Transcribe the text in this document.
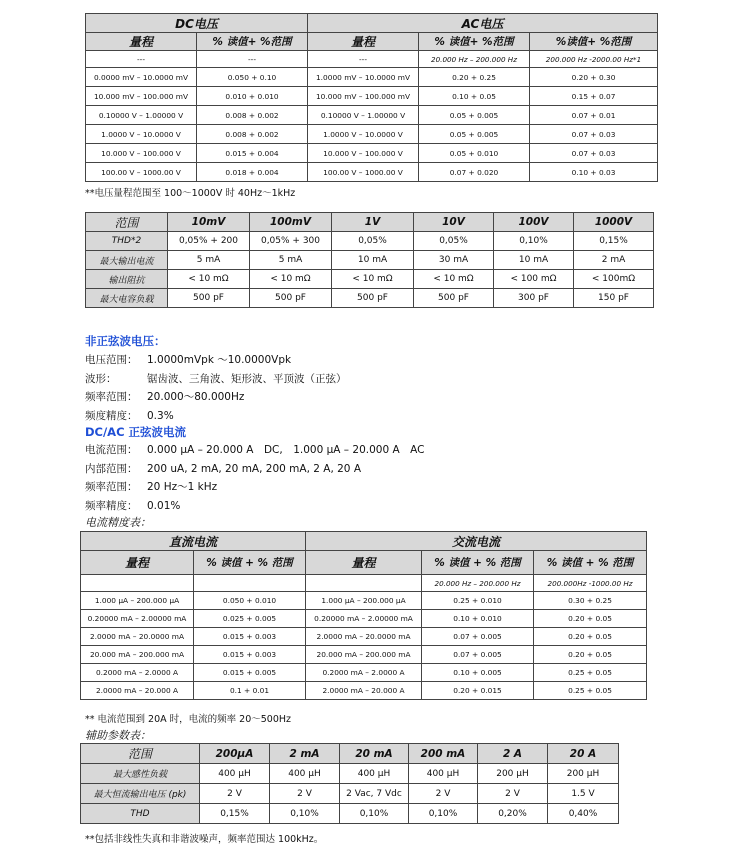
DC电压		AC电压		
量程	% 读值+ %范围	量程	% 读值+ %范围	%读值+ %范围
---	---	---	20.000 Hz – 200.000 Hz	200.000 Hz -2000.00 Hz*1
0.0000 mV – 10.0000 mV	0.050 + 0.10	1.0000 mV – 10.0000 mV	0.20 + 0.25	0.20 + 0.30
10.000 mV – 100.000 mV	0.010 + 0.010	10.000 mV – 100.000 mV	0.10 + 0.05	0.15 + 0.07
0.10000 V – 1.00000 V	0.008 + 0.002	0.10000 V – 1.00000 V	0.05 + 0.005	0.07 + 0.01
1.0000 V – 10.0000 V	0.008 + 0.002	1.0000 V – 10.0000 V	0.05 + 0.005	0.07 + 0.03
10.000 V – 100.000 V	0.015 + 0.004	10.000 V – 100.000 V	0.05 + 0.010	0.07 + 0.03
100.00 V – 1000.00 V	0.018 + 0.004	100.00 V – 1000.00 V	0.07 + 0.020	0.10 + 0.03
**电压量程范围至 100～1000V 时 40Hz～1kHz
范围	10mV	100mV	1V	10V	100V	1000V
THD*2	0,05% + 200	0,05% + 300	0,05%	0,05%	0,10%	0,15%
最大输出电流	5 mA	5 mA	10 mA	30 mA	10 mA	2 mA
输出阻抗	< 10 mΩ	< 10 mΩ	< 10 mΩ	< 10 mΩ	< 100 mΩ	< 100mΩ
最大电容负载	500 pF	500 pF	500 pF	500 pF	300 pF	150 pF
非正弦波电压：
电压范围： 1.0000mVpk ～10.0000Vpk
波形：	锯齿波、三角波、矩形波、平顶波（正弦）
频率范围： 20.000～80.000Hz
频度精度： 0.3%
DC/AC 正弦波电流
电流范围： 0.000 µA – 20.000 A　DC,　1.000 µA – 20.000 A　AC
内部范围： 200 uA, 2 mA, 20 mA, 200 mA, 2 A, 20 A
频率范围： 20 Hz～1 kHz
频率精度： 0.01%
电流精度表：
直流电流		交流电流		
量程	% 读值 + % 范围	量程	% 读值 + % 范围	% 读值 + % 范围
			20.000 Hz – 200.000 Hz	200.000Hz -1000.00 Hz
1.000 µA – 200.000 µA	0.050 + 0.010	1.000 µA – 200.000 µA	0.25 + 0.010	0.30 + 0.25
0.20000 mA – 2.00000 mA	0.025 + 0.005	0.20000 mA – 2.00000 mA	0.10 + 0.010	0.20 + 0.05
2.0000 mA – 20.0000 mA	0.015 + 0.003	2.0000 mA – 20.0000 mA	0.07 + 0.005	0.20 + 0.05
20.000 mA – 200.000 mA	0.015 + 0.003	20.000 mA – 200.000 mA	0.07 + 0.005	0.20 + 0.05
0.2000 mA – 2.0000 A	0.015 + 0.005	0.2000 mA – 2.0000 A	0.10 + 0.005	0.25 + 0.05
2.0000 mA – 20.000 A	0.1 + 0.01	2.0000 mA – 20.000 A	0.20 + 0.015	0.25 + 0.05
** 电流范围到 20A 时，电流的频率 20～500Hz
辅助参数表：
范围	200µA	2 mA	20 mA	200 mA	2 A	20 A
最大感性负载	400 µH	400 µH	400 µH	400 µH	200 µH	200 µH
最大恒流输出电压 (pk)	2 V	2 V	2 Vac, 7 Vdc	2 V	2 V	1.5 V
THD	0,15%	0,10%	0,10%	0,10%	0,20%	0,40%
**包括非线性失真和非谐波噪声，频率范围达 100kHz。
